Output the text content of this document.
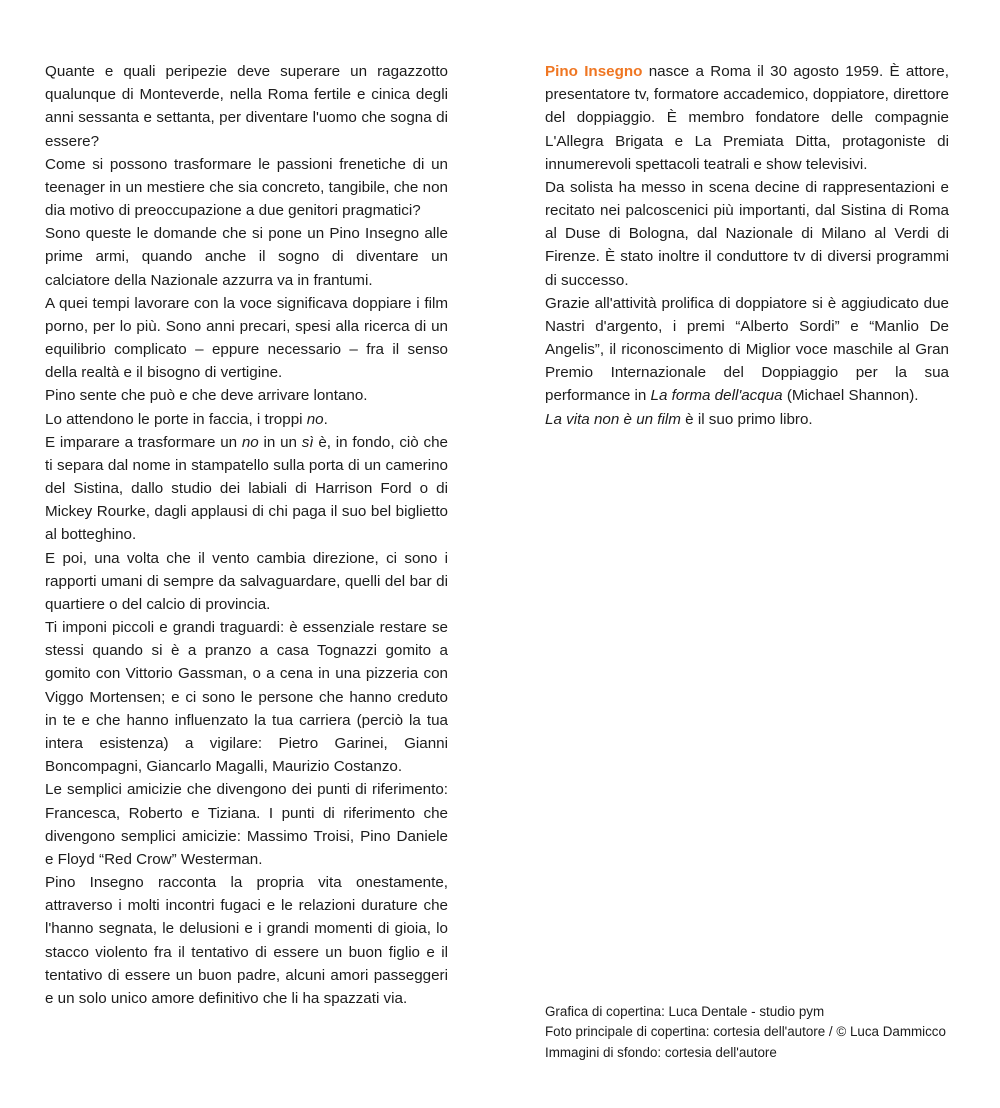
Quante e quali peripezie deve superare un ragazzotto qualunque di Monteverde, nella Roma fertile e cinica degli anni sessanta e settanta, per diventare l'uomo che sogna di essere?

Come si possono trasformare le passioni frenetiche di un teenager in un mestiere che sia concreto, tangibile, che non dia motivo di preoccupazione a due genitori pragmatici?

Sono queste le domande che si pone un Pino Insegno alle prime armi, quando anche il sogno di diventare un calciatore della Nazionale azzurra va in frantumi.

A quei tempi lavorare con la voce significava doppiare i film porno, per lo più. Sono anni precari, spesi alla ricerca di un equilibrio complicato – eppure necessario – fra il senso della realtà e il bisogno di vertigine.

Pino sente che può e che deve arrivare lontano.

Lo attendono le porte in faccia, i troppi no.

E imparare a trasformare un no in un sì è, in fondo, ciò che ti separa dal nome in stampatello sulla porta di un camerino del Sistina, dallo studio dei labiali di Harrison Ford o di Mickey Rourke, dagli applausi di chi paga il suo bel biglietto al botteghino.

E poi, una volta che il vento cambia direzione, ci sono i rapporti umani di sempre da salvaguardare, quelli del bar di quartiere o del calcio di provincia.

Ti imponi piccoli e grandi traguardi: è essenziale restare se stessi quando si è a pranzo a casa Tognazzi gomito a gomito con Vittorio Gassman, o a cena in una pizzeria con Viggo Mortensen; e ci sono le persone che hanno creduto in te e che hanno influenzato la tua carriera (perciò la tua intera esistenza) a vigilare: Pietro Garinei, Gianni Boncompagni, Giancarlo Magalli, Maurizio Costanzo.

Le semplici amicizie che divengono dei punti di riferimento: Francesca, Roberto e Tiziana. I punti di riferimento che divengono semplici amicizie: Massimo Troisi, Pino Daniele e Floyd “Red Crow” Westerman.

Pino Insegno racconta la propria vita onestamente, attraverso i molti incontri fugaci e le relazioni durature che l'hanno segnata, le delusioni e i grandi momenti di gioia, lo stacco violento fra il tentativo di essere un buon figlio e il tentativo di essere un buon padre, alcuni amori passeggeri e un solo unico amore definitivo che li ha spazzati via.

Pino Insegno nasce a Roma il 30 agosto 1959. È attore, presentatore tv, formatore accademico, doppiatore, direttore del doppiaggio. È membro fondatore delle compagnie L'Allegra Brigata e La Premiata Ditta, protagoniste di innumerevoli spettacoli teatrali e show televisivi.

Da solista ha messo in scena decine di rappresentazioni e recitato nei palcoscenici più importanti, dal Sistina di Roma al Duse di Bologna, dal Nazionale di Milano al Verdi di Firenze. È stato inoltre il conduttore tv di diversi programmi di successo.

Grazie all'attività prolifica di doppiatore si è aggiudicato due Nastri d'argento, i premi “Alberto Sordi” e “Manlio De Angelis”, il riconoscimento di Miglior voce maschile al Gran Premio Internazionale del Doppiaggio per la sua performance in La forma dell'acqua (Michael Shannon).

La vita non è un film è il suo primo libro.

Grafica di copertina: Luca Dentale - studio pym
Foto principale di copertina: cortesia dell'autore / © Luca Dammicco
Immagini di sfondo: cortesia dell'autore
